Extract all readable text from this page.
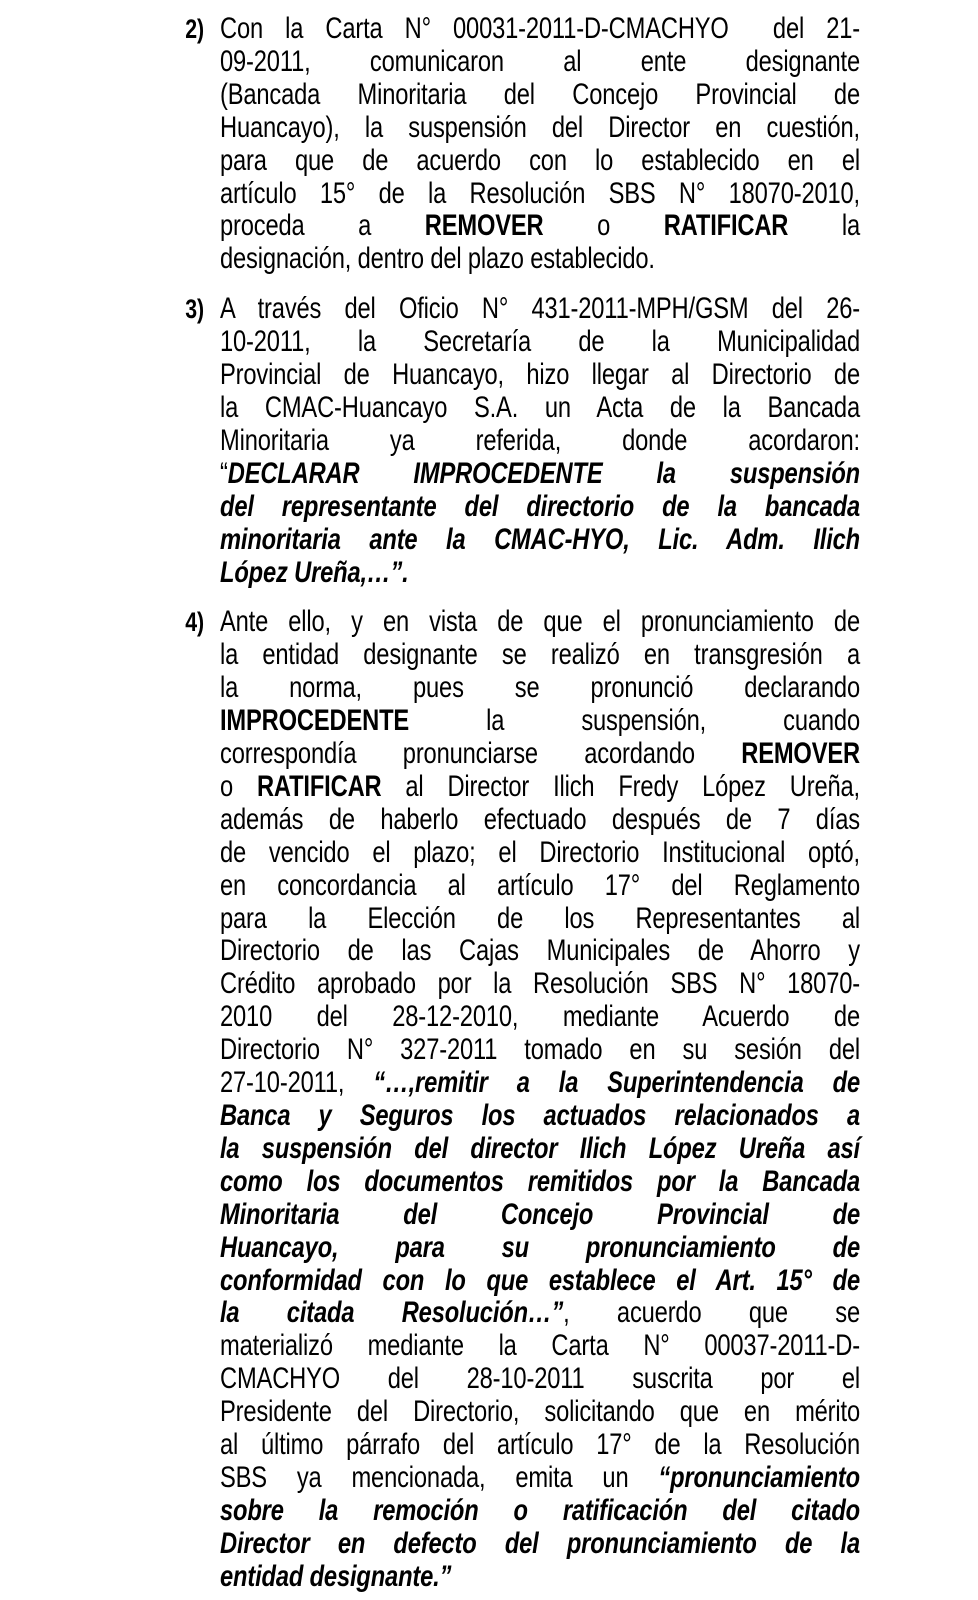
2) Con la Carta N° 00031-2011-D-CMACHYO  del 21-
09-2011, comunicaron al ente designante
(Bancada Minoritaria del Concejo Provincial de
Huancayo), la suspensión del Director en cuestión,
para que de acuerdo con lo establecido en el
artículo 15° de la Resolución SBS N° 18070-2010,
proceda a REMOVER o RATIFICAR la
designación, dentro del plazo establecido.
3) A través del Oficio N° 431-2011-MPH/GSM del 26-
10-2011, la Secretaría de la Municipalidad
Provincial de Huancayo, hizo llegar al Directorio de
la CMAC-Huancayo S.A. un Acta de la Bancada
Minoritaria ya referida, donde acordaron:
“DECLARAR IMPROCEDENTE la suspensión
del representante del directorio de la bancada
minoritaria ante la CMAC-HYO, Lic. Adm. Ilich
López Ureña,…”.
4) Ante ello, y en vista de que el pronunciamiento de
la entidad designante se realizó en transgresión a
la norma, pues se pronunció declarando
IMPROCEDENTE la suspensión, cuando
correspondía pronunciarse acordando REMOVER
o RATIFICAR al Director Ilich Fredy López Ureña,
además de haberlo efectuado después de 7 días
de vencido el plazo; el Directorio Institucional optó,
en concordancia al artículo 17° del Reglamento
para la Elección de los Representantes al
Directorio de las Cajas Municipales de Ahorro y
Crédito aprobado por la Resolución SBS N° 18070-
2010 del 28-12-2010, mediante Acuerdo de
Directorio N° 327-2011 tomado en su sesión del
27-10-2011, “…,remitir a la Superintendencia de
Banca y Seguros los actuados relacionados a
la suspensión del director Ilich López Ureña así
como los documentos remitidos por la Bancada
Minoritaria del Concejo Provincial de
Huancayo, para su pronunciamiento de
conformidad con lo que establece el Art. 15° de
la citada Resolución…”, acuerdo que se
materializó mediante la Carta N° 00037-2011-D-
CMACHYO del 28-10-2011 suscrita por el
Presidente del Directorio, solicitando que en mérito
al último párrafo del artículo 17° de la Resolución
SBS ya mencionada, emita un “pronunciamiento
sobre la remoción o ratificación del citado
Director en defecto del pronunciamiento de la
entidad designante.”
